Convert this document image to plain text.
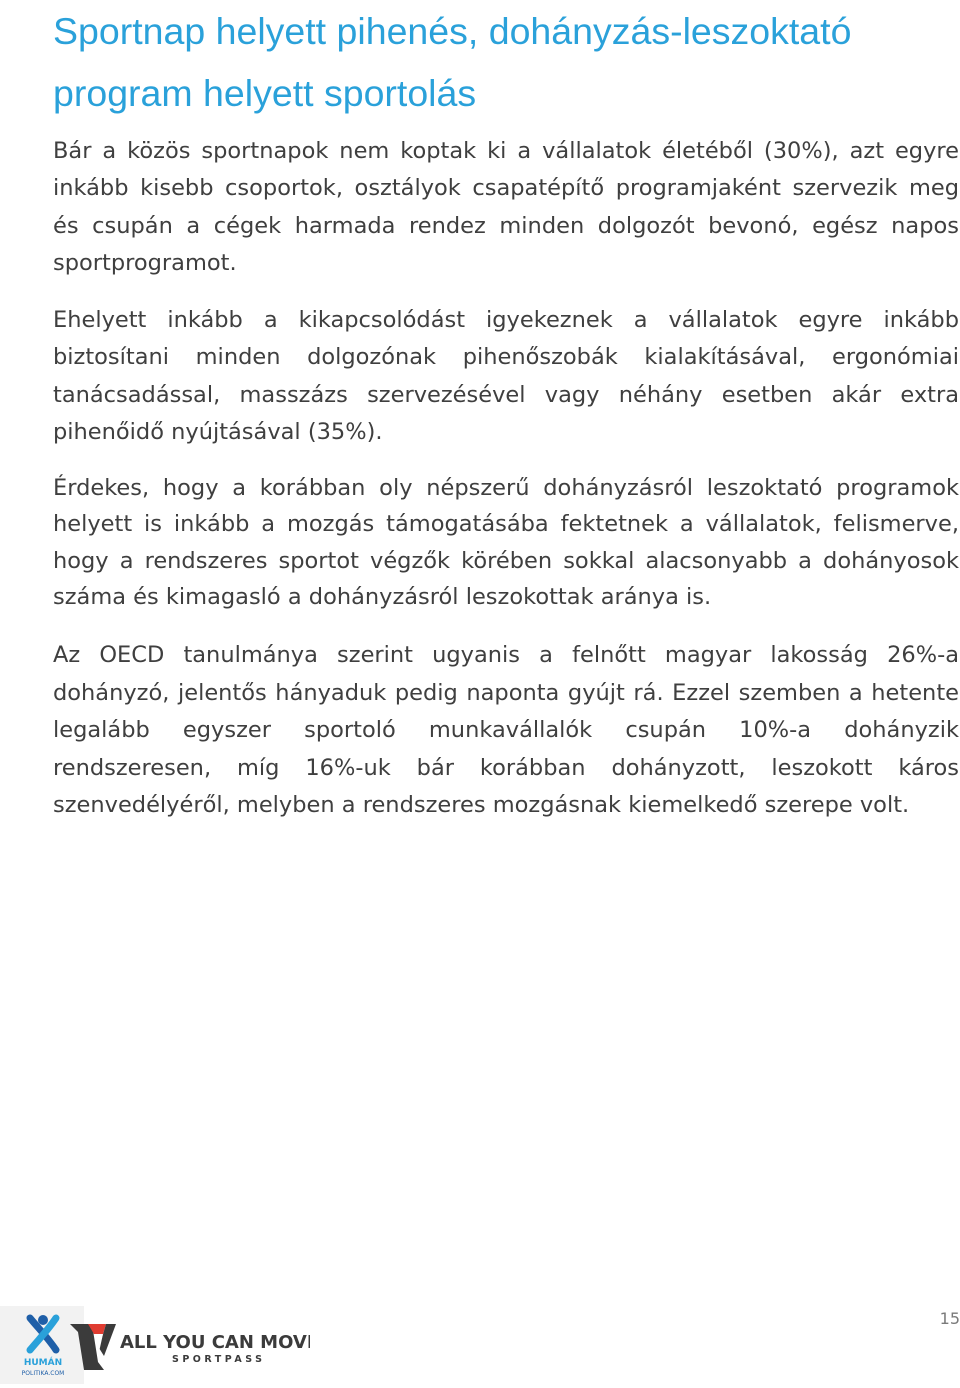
Sportnap helyett pihenés, dohányzás-leszoktató program helyett sportolás

Bár a közös sportnapok nem koptak ki a vállalatok életéből (30%), azt egyre inkább kisebb csoportok, osztályok csapatépítő programjaként szervezik meg és csupán a cégek harmada rendez minden dolgozót bevonó, egész napos sportprogramot.

Ehelyett inkább a kikapcsolódást igyekeznek a vállalatok egyre inkább biztosítani minden dolgozónak pihenőszobák kialakításával, ergonómiai tanácsadással, masszázs szervezésével vagy néhány esetben akár extra pihenőidő nyújtásával (35%).

Érdekes, hogy a korábban oly népszerű dohányzásról leszoktató programok helyett is inkább a mozgás támogatásába fektetnek a vállalatok, felismerve, hogy a rendszeres sportot végzők körében sokkal alacsonyabb a dohányosok száma és kimagasló a dohányzásról leszokottak aránya is.

Az OECD tanulmánya szerint ugyanis a felnőtt magyar lakosság 26%-a dohányzó, jelentős hányaduk pedig naponta gyújt rá. Ezzel szemben a hetente legalább egyszer sportoló munkavállalók csupán 10%-a dohányzik rendszeresen, míg 16%-uk bár korábban dohányzott, leszokott káros szenvedélyéről, melyben a rendszeres mozgásnak kiemelkedő szerepe volt.

HUMÁN
POLITIKA.COM
ALL YOU CAN MOVE
SPORTPASS
15
